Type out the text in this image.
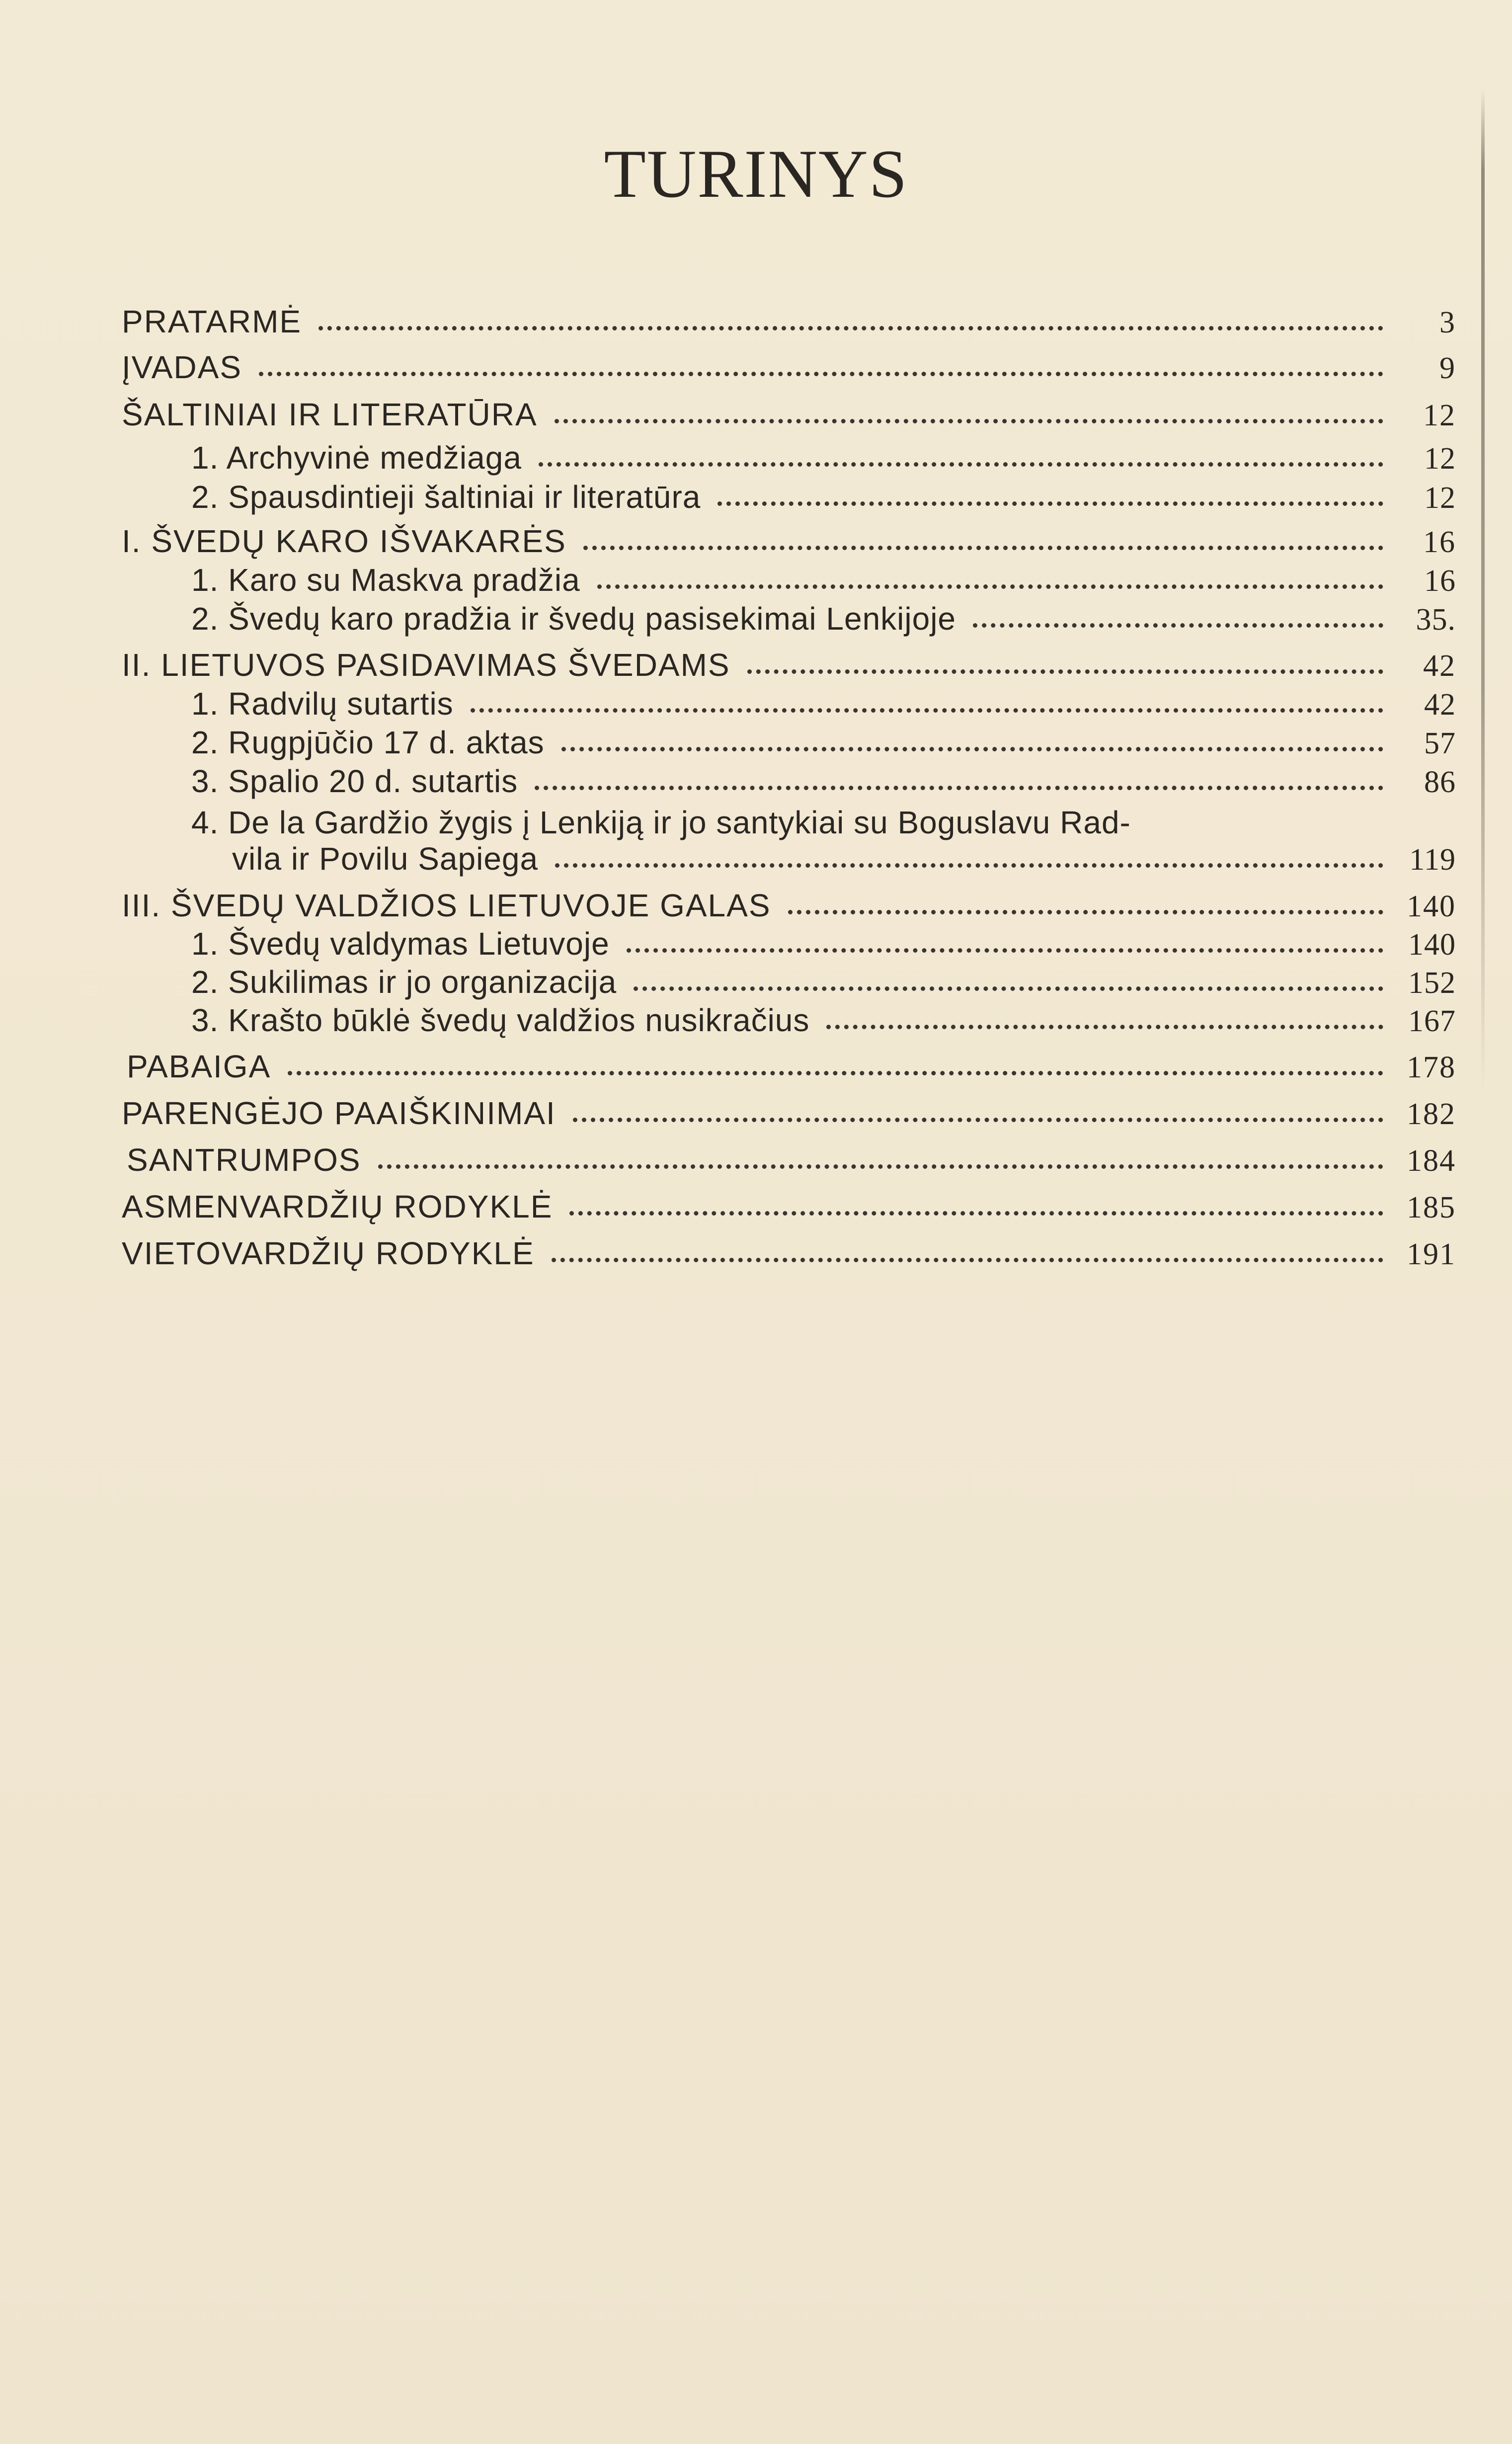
TURINYS
PRATARMĖ	3
ĮVADAS	9
ŠALTINIAI IR LITERATŪRA	12
1. Archyvinė medžiaga	12
2. Spausdintieji šaltiniai ir literatūra	12
I. ŠVEDŲ KARO IŠVAKARĖS	16
1. Karo su Maskva pradžia	16
2. Švedų karo pradžia ir švedų pasisekimai Lenkijoje	35.
II. LIETUVOS PASIDAVIMAS ŠVEDAMS	42
1. Radvilų sutartis	42
2. Rugpjūčio 17 d. aktas	57
3. Spalio 20 d. sutartis	86
4. De la Gardžio žygis į Lenkiją ir jo santykiai su Boguslavu Rad-
vila ir Povilu Sapiega	119
III. ŠVEDŲ VALDŽIOS LIETUVOJE GALAS	140
1. Švedų valdymas Lietuvoje	140
2. Sukilimas ir jo organizacija	152
3. Krašto būklė švedų valdžios nusikračius	167
PABAIGA	178
PARENGĖJO PAAIŠKINIMAI	182
SANTRUMPOS	184
ASMENVARDŽIŲ RODYKLĖ	185
VIETOVARDŽIŲ RODYKLĖ	191
